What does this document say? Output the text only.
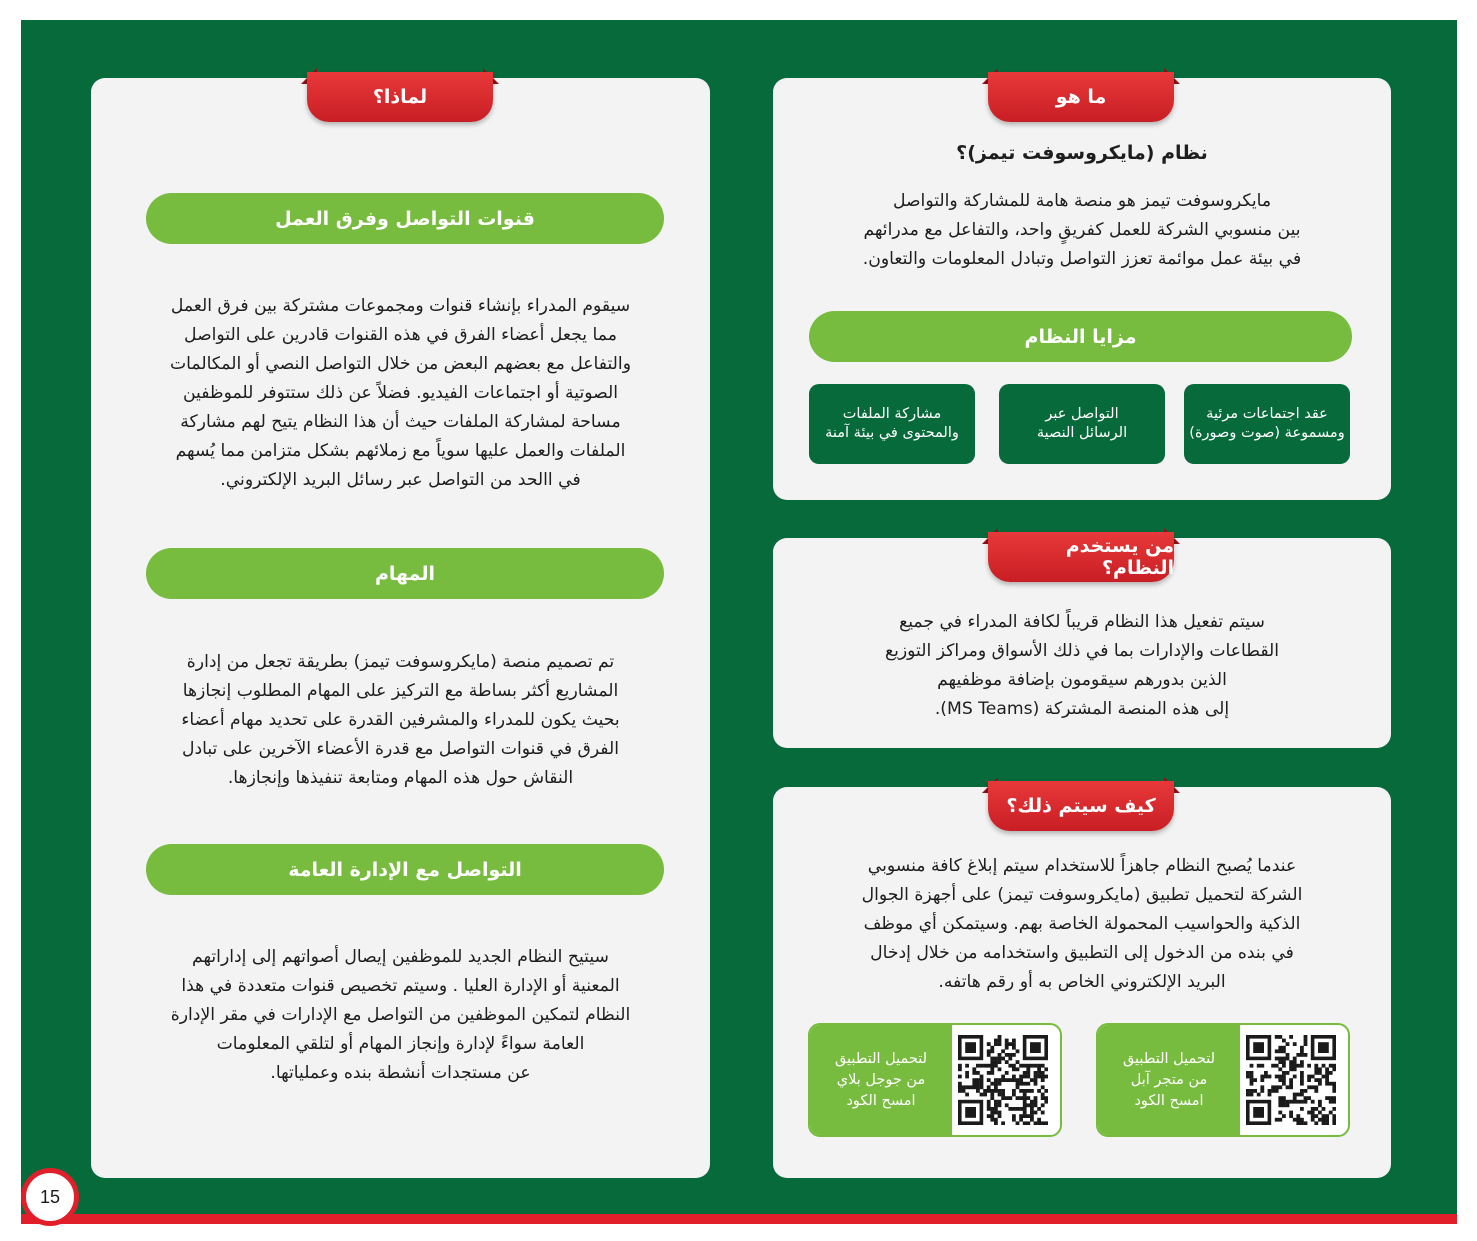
لماذا؟
قنوات التواصل وفرق العمل
سيقوم المدراء بإنشاء قنوات ومجموعات مشتركة بين فرق العمل
مما يجعل أعضاء الفرق في هذه القنوات قادرين على التواصل
والتفاعل مع بعضهم البعض من خلال التواصل النصي أو المكالمات
الصوتية أو اجتماعات الفيديو. فضلاً عن ذلك ستتوفر للموظفين
مساحة لمشاركة الملفات حيث أن هذا النظام يتيح لهم مشاركة
الملفات والعمل عليها سوياً مع زملائهم بشكل متزامن مما يُسهم
في االحد من التواصل عبر رسائل البريد الإلكتروني.
المهام
تم تصميم منصة (مايكروسوفت تيمز) بطريقة تجعل من إدارة
المشاريع أكثر بساطة مع التركيز على المهام المطلوب إنجازها
بحيث يكون للمدراء والمشرفين القدرة على تحديد مهام أعضاء
الفرق في قنوات التواصل مع قدرة الأعضاء الآخرين على تبادل
النقاش حول هذه المهام ومتابعة تنفيذها وإنجازها.
التواصل مع الإدارة العامة
سيتيح النظام الجديد للموظفين إيصال أصواتهم إلى إداراتهم
المعنية أو الإدارة العليا . وسيتم تخصيص قنوات متعددة في هذا
النظام لتمكين الموظفين من التواصل مع الإدارات في مقر الإدارة
العامة سواءً لإدارة وإنجاز المهام أو لتلقي المعلومات
عن مستجدات أنشطة بنده وعملياتها.
ما هو
نظام (مايكروسوفت تيمز)؟
مايكروسوفت تيمز هو منصة هامة للمشاركة والتواصل
بين منسوبي الشركة للعمل كفريقٍ واحد، والتفاعل مع مدرائهم
في بيئة عمل موائمة تعزز التواصل وتبادل المعلومات والتعاون.
مزايا النظام
عقد اجتماعات مرئية
ومسموعة (صوت وصورة)
التواصل عبر
الرسائل النصية
مشاركة الملفات
والمحتوى في بيئة آمنة
من يستخدم النظام؟
سيتم تفعيل هذا النظام قريباً لكافة المدراء في جميع
القطاعات والإدارات بما في ذلك الأسواق ومراكز التوزيع
الذين بدورهم سيقومون بإضافة موظفيهم
إلى هذه المنصة المشتركة (MS Teams).
كيف سيتم ذلك؟
عندما يُصبح النظام جاهزاً للاستخدام سيتم إبلاغ كافة منسوبي
الشركة لتحميل تطبيق (مايكروسوفت تيمز) على أجهزة الجوال
الذكية والحواسيب المحمولة الخاصة بهم. وسيتمكن أي موظف
في بنده من الدخول إلى التطبيق واستخدامه من خلال إدخال
البريد الإلكتروني الخاص به أو رقم هاتفه.
لتحميل التطبيق
من متجر آبل
امسح الكود
لتحميل التطبيق
من جوجل بلاي
امسح الكود
15
